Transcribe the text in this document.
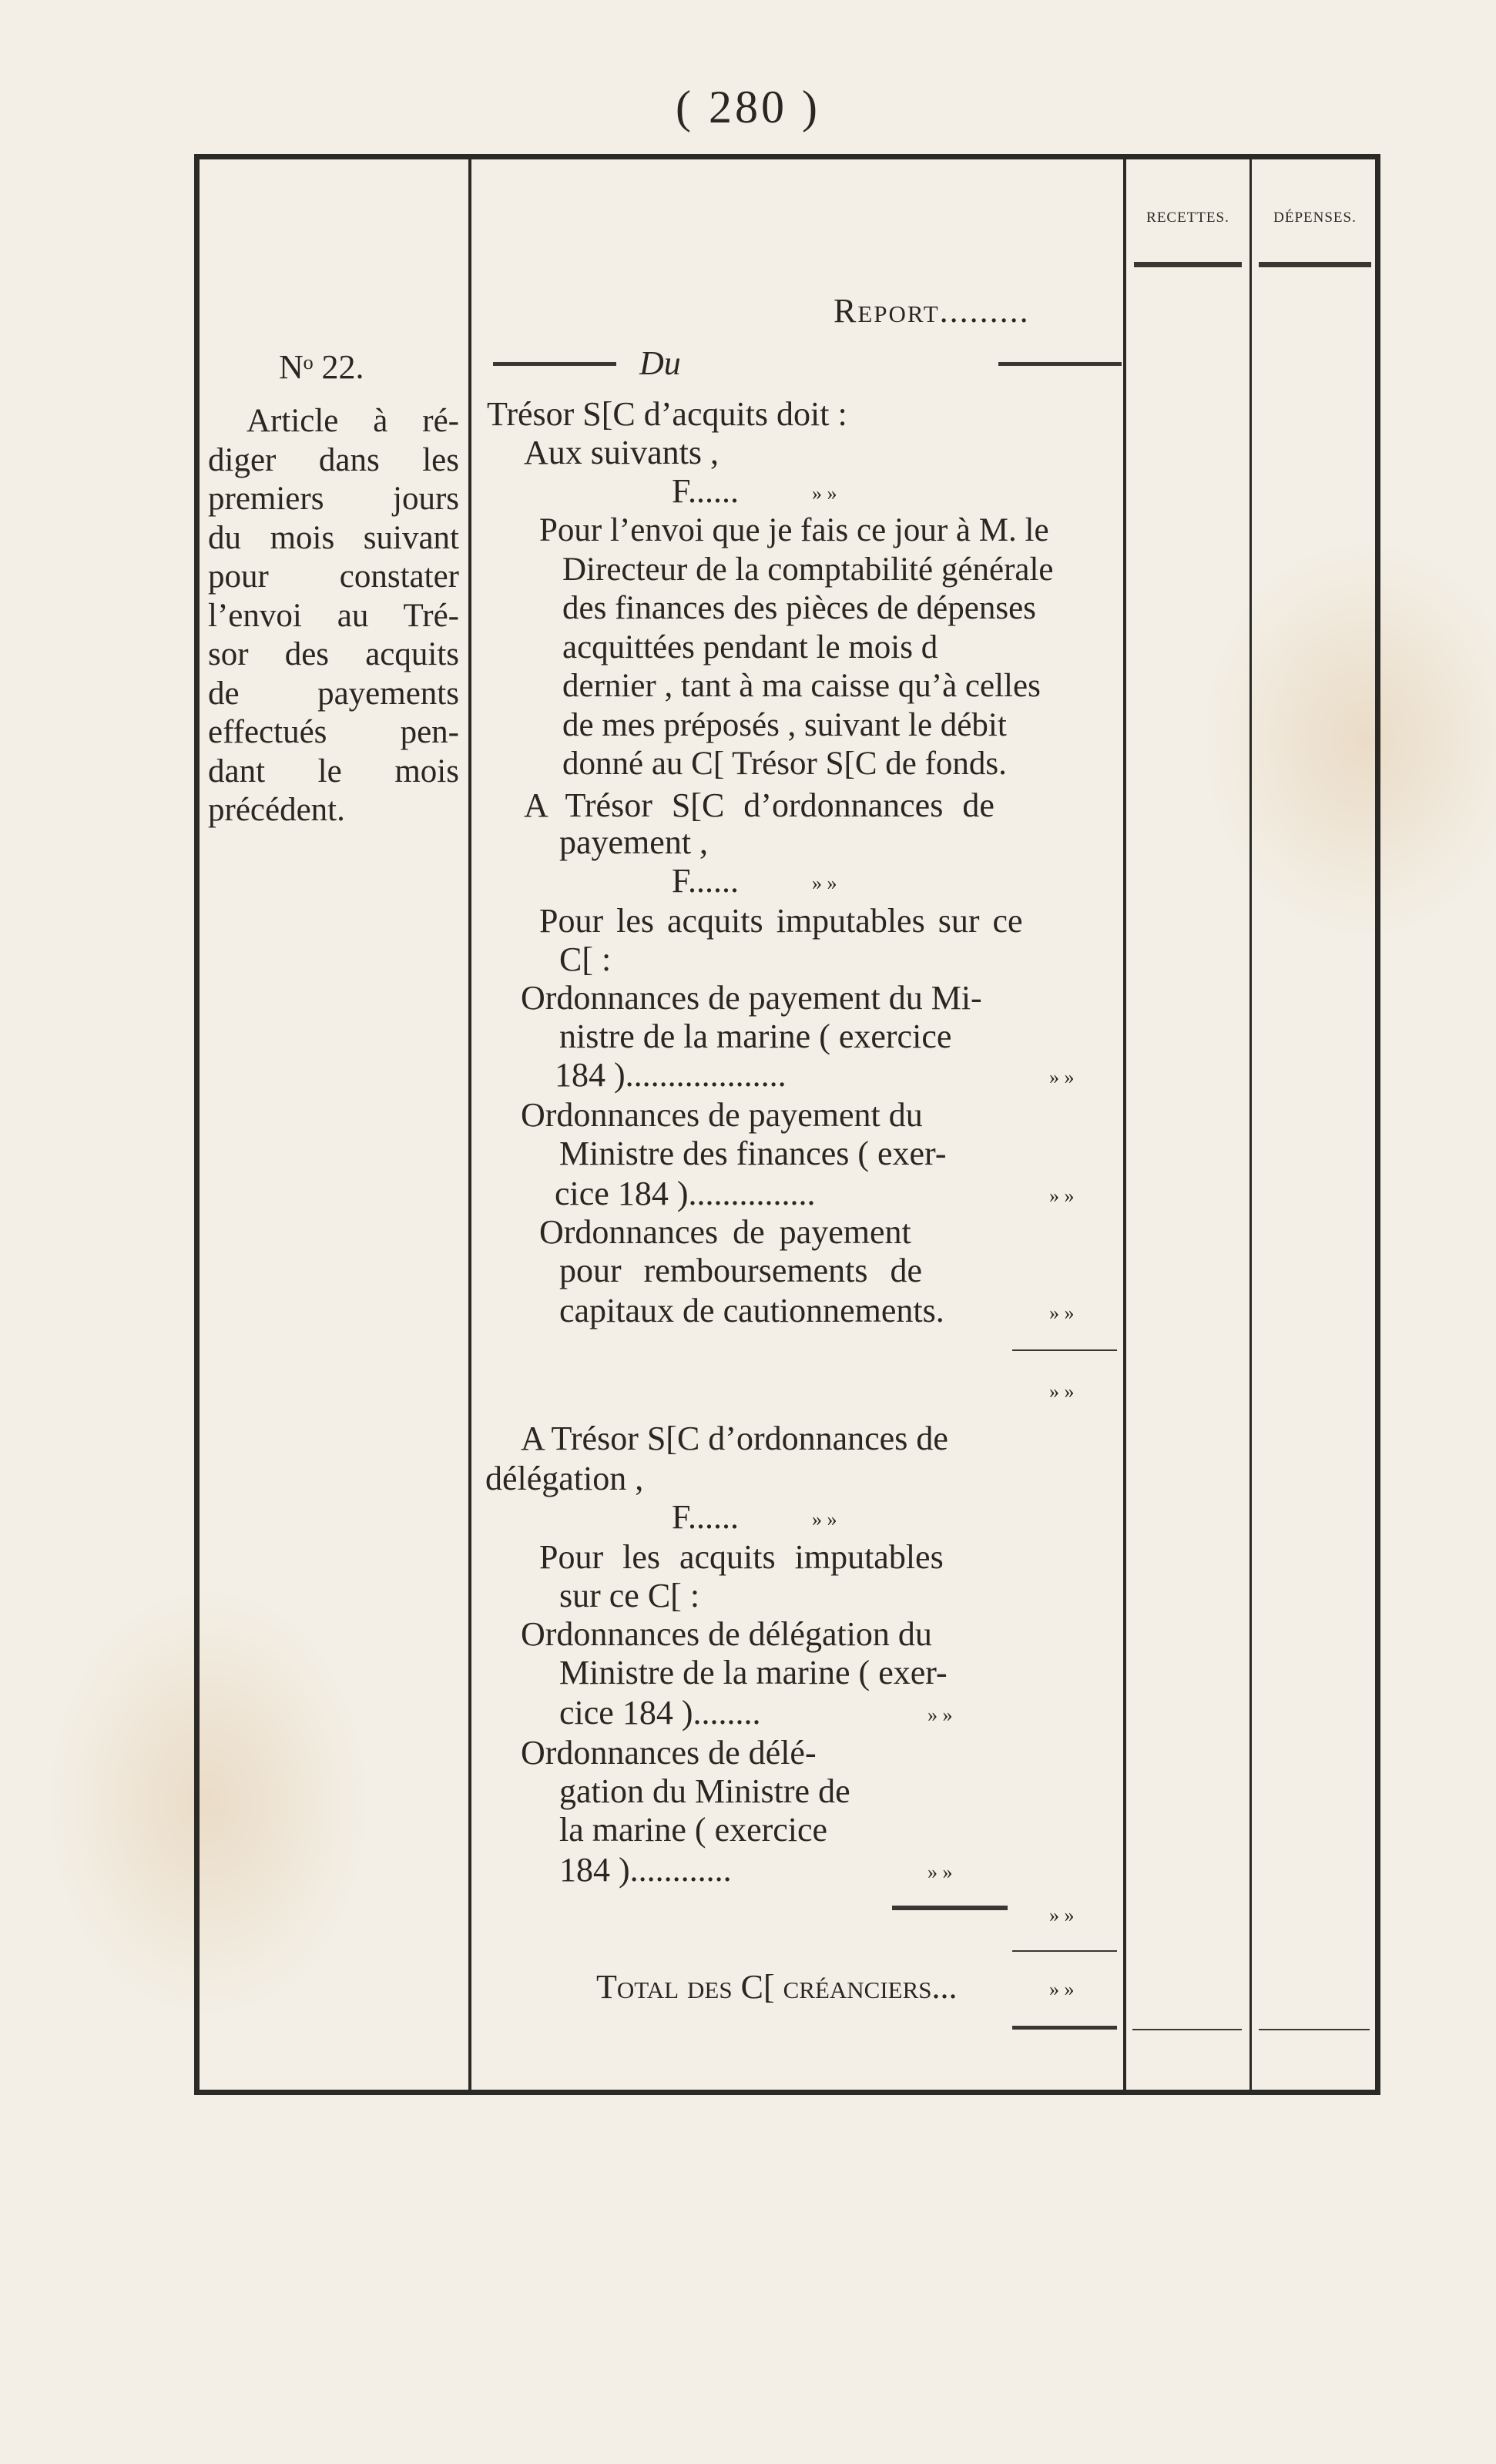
( 280 )
RECETTES.	DÉPENSES.
Nᵒ 22.
Article à ré-
diger dans les
premiers jours
du mois suivant
pour constater
l’envoi au Tré-
sor des acquits
de payements
effectués pen-
dant le mois
précédent.
Report.........
Du
Trésor S[C d’acquits doit :
Aux suivants ,
F......	» »
Pour l’envoi que je fais ce jour à M. le
Directeur de la comptabilité générale
des finances des pièces de dépenses
acquittées pendant le mois d
dernier , tant à ma caisse qu’à celles
de mes préposés , suivant le débit
donné au C[ Trésor S[C de fonds.
A Trésor S[C d’ordonnances de
payement ,
F......	» »
Pour les acquits imputables sur ce
C[ :
Ordonnances de payement du Mi-
nistre de la marine ( exercice
184 )...................	» »
Ordonnances de payement du
Ministre des finances ( exer-
cice 184 )...............	» »
Ordonnances de payement
pour remboursements de
capitaux de cautionnements.	» »
» »
A Trésor S[C d’ordonnances de
délégation ,
F......	» »
Pour les acquits imputables
sur ce C[ :
Ordonnances de délégation du
Ministre de la marine ( exer-
cice 184 )........	» »
Ordonnances de délé-
gation du Ministre de
la marine ( exercice
184 )............	» »
» »
Total des C[ créanciers...	» »
